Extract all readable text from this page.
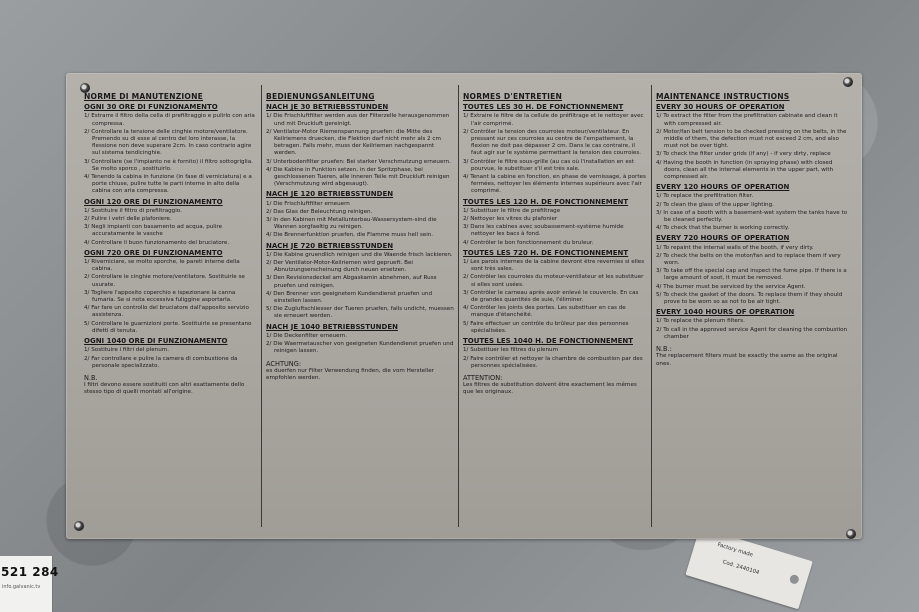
521 284
info.galvanic.tv
Factory made
Cod. 2440104
NORME DI MANUTENZIONE
OGNI 30 ORE DI FUNZIONAMENTO
1/ Estrarre il filtro della cella di prefiltraggio e pulirlo con aria compressa.
2/ Controllare la tensione delle cinghie motore/ventilatore. Premendo su di esse al centro del loro interasse, la flessione non deve superare 2cm. In caso contrario agire sul sistema tendicinghie.
3/ Controllare (se l'impianto ne è fornito) il filtro sottogriglia. Se molto sporco , sostituirlo.
4/ Tenendo la cabina in funzione (in fase di verniciatura) e a porte chiuse, pulire tutte le parti interne in alto della cabina con aria compressa.
OGNI 120 ORE DI FUNZIONAMENTO
1/ Sostituire il filtro di prefiltraggio.
2/ Pulire i vetri delle plafoniere.
3/ Negli impianti con basamento ad acqua, pulire accuratamente le vasche
4/ Controllare il buon funzionamento del bruciatore.
OGNI 720 ORE DI FUNZIONAMENTO
1/ Riverniciare, se molto sporche, le pareti interne della cabina.
2/ Controllare le cinghie motore/ventilatore. Sostituirle se usurate.
3/ Togliere l'apposito coperchio e ispezionare la canna fumaria. Se si nota eccessiva fuliggine asportarla.
4/ Far fare un controllo del bruciatore dall'apposito servizio assistenza.
5/ Controllare le guarnizioni porte. Sostituirle se presentano difetti di tenuta.
OGNI 1040 ORE DI FUNZIONAMENTO
1/ Sostituire i filtri del plenum.
2/ Far controllare e pulire la camera di combustione da personale specializzato.
N.B.
I filtri devono essere sostituiti con altri esattamente dello stesso tipo di quelli montati all'origine.
BEDIENUNGSANLEITUNG
NACH JE 30 BETRIEBSSTUNDEN
1/ Die Frischluftfilter werden aus der Filterzelle herausgenommen und mit Druckluft gereinigt.
2/ Ventilator-Motor Riemenspannung pruefen: die Mitte des Keilriemens druecken, die Flektion darf nicht mehr als 2 cm betragen. Falls mehr, muss der Keilriemen nachgespannt werden.
3/ Unterbodenfilter pruefen: Bei starker Verschmutzung erneuern.
4/ Die Kabine in Funktion setzen, in der Spritzphase, bei geschlossenen Tueren, alle inneren Teile mit Druckluft reinigen (Verschmutzung wird abgesaugt).
NACH JE 120 BETRIEBSSTUNDEN
1/ Die Frischluftfilter erneuern
2/ Das Glas der Beleuchtung reinigen.
3/ In den Kabinen mit Metallunterbau-Wassersystem-sind die Wannen sorgfaeltig zu reinigen.
4/ Die Brennerfunktion pruefen, die Flamme muss hell sein.
NACH JE 720 BETRIEBSSTUNDEN
1/ Die Kabine gruendlich reinigen und die Waende frisch lackieren.
2/ Der Ventilator-Motor-Keilriemen wird geprueft. Bei Abnutzungserscheinung durch neuen ersetzen.
3/ Den Revisionsdeckel am Abgaskamin abnehmen, auf Russ pruefen und reinigen.
4/ Den Brenner von geeignetem Kundendienst pruefen und einstellen lassen.
5/ Die Zugluftschliesser der Tueren pruefen, falls undicht, muessen sie erneuert werden.
NACH JE 1040 BETRIEBSSTUNDEN
1/ Die Deckenfilter erneuern.
2/ Die Waermetauscher von geeigneten Kundendienst pruefen und reinigen lassen.
ACHTUNG:
es duerfen nur Filter Verwendung finden, die vom Hersteller empfohlen werden.
NORMES D'ENTRETIEN
TOUTES LES 30 H. DE FONCTIONNEMENT
1/ Extraire le filtre de la cellule de préfiltrage et le nettoyer avec l'air comprimé.
2/ Contrôler la tension des courroies moteur/ventilateur. En pressant sur ces courroies au centre de l'empattement, la flexion ne doit pas dépasser 2 cm. Dans le cas contraire, il faut agir sur le système permettant la tension des courroies.
3/ Contrôler le filtre sous-grille (au cas où l'installation en est pourvue, le substituer s'il est très sale.
4/ Tenant la cabine en fonction, en phase de vernissage, à portes fermées, nettoyer les éléments internes supérieurs avec l'air comprimé.
TOUTES LES 120 H. DE FONCTIONNEMENT
1/ Substituer le filtre de préfiltrage
2/ Nettoyer les vitres du plafonier
3/ Dans les cabines avec soubassement-système humide nettoyer les bacs à fond.
4/ Contrôler le bon fonctionnement du bruleur.
TOUTES LES 720 H. DE FONCTIONNEMENT
1/ Les parois internes de la cabine devront être revernies si elles sont très sales.
2/ Contrôler les courroies du moteur-ventilateur et les substituer si elles sont usées.
3/ Contrôler le carneau après avoir enlevé le couvercle. En cas de grandes quantités de suie, l'éliminer.
4/ Contrôler les joints des portes. Les substituer en cas de manque d'étanchéité.
5/ Faire effectuer un contrôle du brûleur par des personnes spécialisées.
TOUTES LES 1040 H. DE FONCTIONNEMENT
1/ Substituer les filtres du plenum
2/ Faire contrôler et nettoyer la chambre de combustion par des personnes spécialisées.
ATTENTION:
Les filtres de substitution doivent être exactement les mêmes que les originaux.
MAINTENANCE INSTRUCTIONS
EVERY 30 HOURS OF OPERATION
1/ To extract the filter from the prefiltration cabinate and clean it with compressed air.
2/ Motor/fan belt tension to be checked pressing on the belts, in the middle of them, the defection must not exceed 2 cm, and also must not be over tight.
3/ To check the filter under grids (if any) - if very dirty, replace
4/ Having the booth in function (in spraying phase) with closed doors, clean all the internal elements in the upper part, with compressed air.
EVERY 120 HOURS OF OPERATION
1/ To replace the prefiltration filter.
2/ To clean the glass of the upper lighting.
3/ In case of a booth with a basement-wet system the tanks have to be cleaned perfectly.
4/ To check that the burner is working correctly.
EVERY 720 HOURS OF OPERATION
1/ To repaint the internal walls of the booth, if very dirty.
2/ To check the belts on the motor/fan and to replace them if very worn.
3/ To take off the special cap and inspect the fume pipe. If there is a large amount of soot, it must be removed.
4/ The burner must be serviced by the service Agent.
5/ To check the gasket of the doors. To replace them if they should prove to be worn so as not to be air tight.
EVERY 1040 HOURS OF OPERATION
1/ To replace the plenum filters.
2/ To call in the approved service Agent for cleaning the combustion chamber
N.B.:
The replacement filters must be exactly the same as the original ones.
